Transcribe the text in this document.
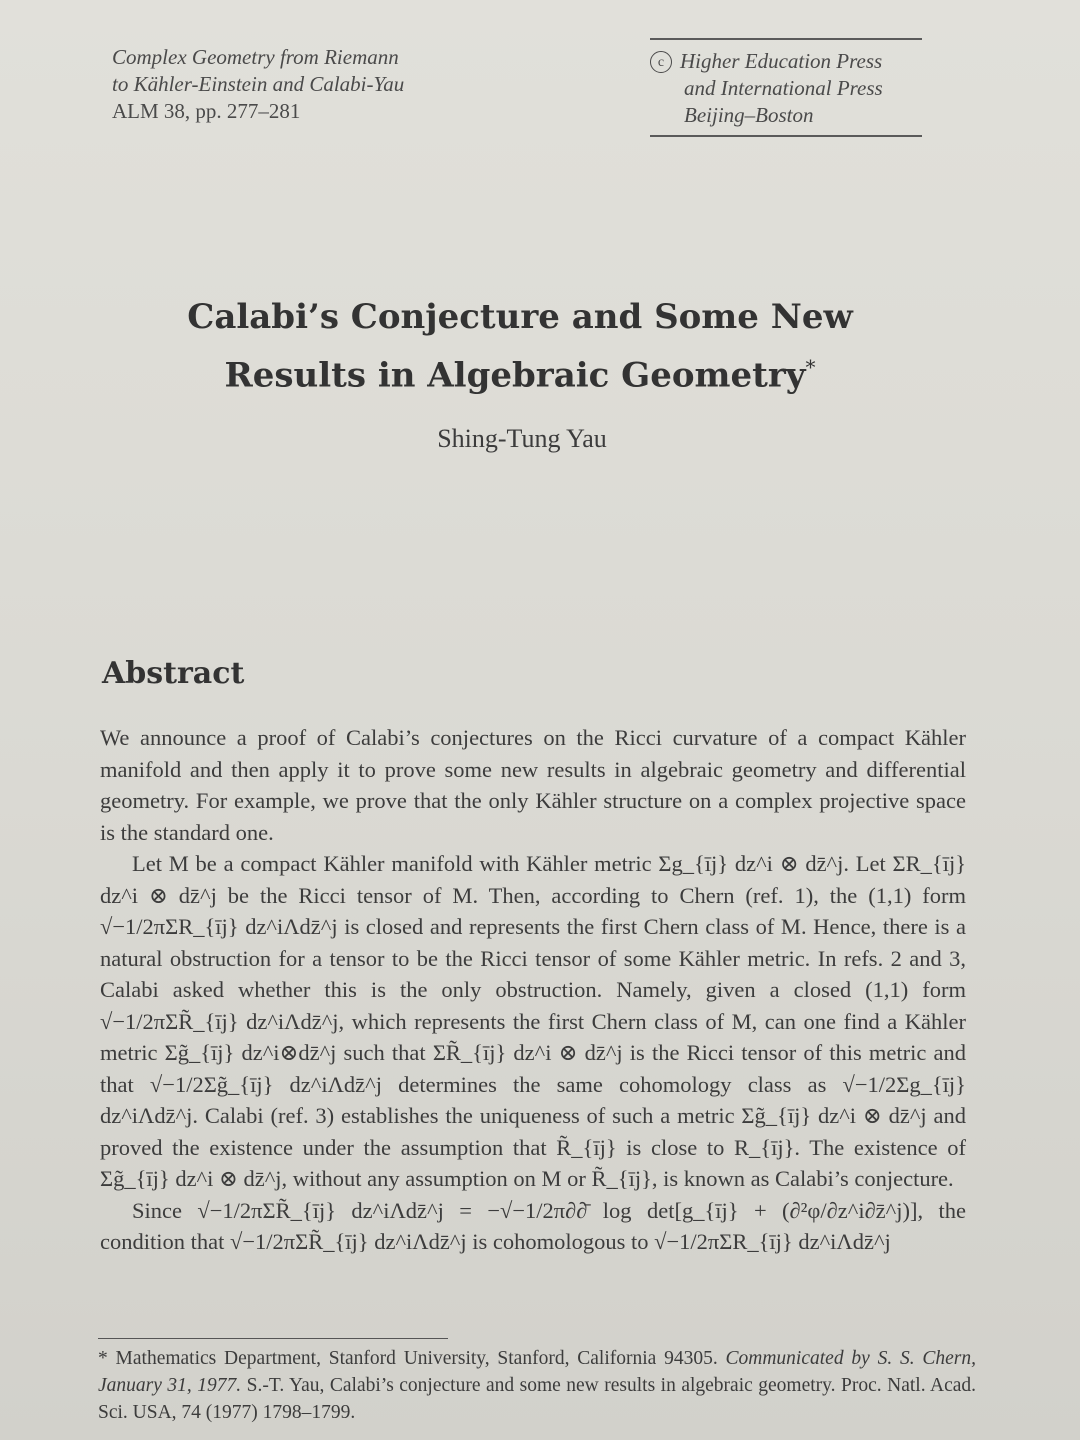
Complex Geometry from Riemann
to Kähler-Einstein and Calabi-Yau
ALM 38, pp. 277–281
c Higher Education Press
and International Press
Beijing–Boston
Calabi’s Conjecture and Some New
Results in Algebraic Geometry*
Shing-Tung Yau
Abstract

We announce a proof of Calabi’s conjectures on the Ricci curvature of a compact Kähler manifold and then apply it to prove some new results in algebraic geometry and differential geometry. For example, we prove that the only Kähler structure on a complex projective space is the standard one.

Let M be a compact Kähler manifold with Kähler metric Σg_{īj} dz^i ⊗ dz̄^j. Let ΣR_{īj} dz^i ⊗ dz̄^j be the Ricci tensor of M. Then, according to Chern (ref. 1), the (1,1) form √−1/2πΣR_{īj} dz^iΛdz̄^j is closed and represents the first Chern class of M. Hence, there is a natural obstruction for a tensor to be the Ricci tensor of some Kähler metric. In refs. 2 and 3, Calabi asked whether this is the only obstruction. Namely, given a closed (1,1) form √−1/2πΣR̃_{īj} dz^iΛdz̄^j, which represents the first Chern class of M, can one find a Kähler metric Σg̃_{īj} dz^i⊗dz̄^j such that ΣR̃_{īj} dz^i ⊗ dz̄^j is the Ricci tensor of this metric and that √−1/2Σg̃_{īj} dz^iΛdz̄^j determines the same cohomology class as √−1/2Σg_{īj} dz^iΛdz̄^j. Calabi (ref. 3) establishes the uniqueness of such a metric Σg̃_{īj} dz^i ⊗ dz̄^j and proved the existence under the assumption that R̃_{īj} is close to R_{īj}. The existence of Σg̃_{īj} dz^i ⊗ dz̄^j, without any assumption on M or R̃_{īj}, is known as Calabi’s conjecture.

Since √−1/2πΣR̃_{īj} dz^iΛdz̄^j = −√−1/2π∂∂̄ log det[g_{īj} + (∂²φ/∂z^i∂z̄^j)], the condition that √−1/2πΣR̃_{īj} dz^iΛdz̄^j is cohomologous to √−1/2πΣR_{īj} dz^iΛdz̄^j

* Mathematics Department, Stanford University, Stanford, California 94305. Communicated by S. S. Chern, January 31, 1977. S.-T. Yau, Calabi’s conjecture and some new results in algebraic geometry. Proc. Natl. Acad. Sci. USA, 74 (1977) 1798–1799.
